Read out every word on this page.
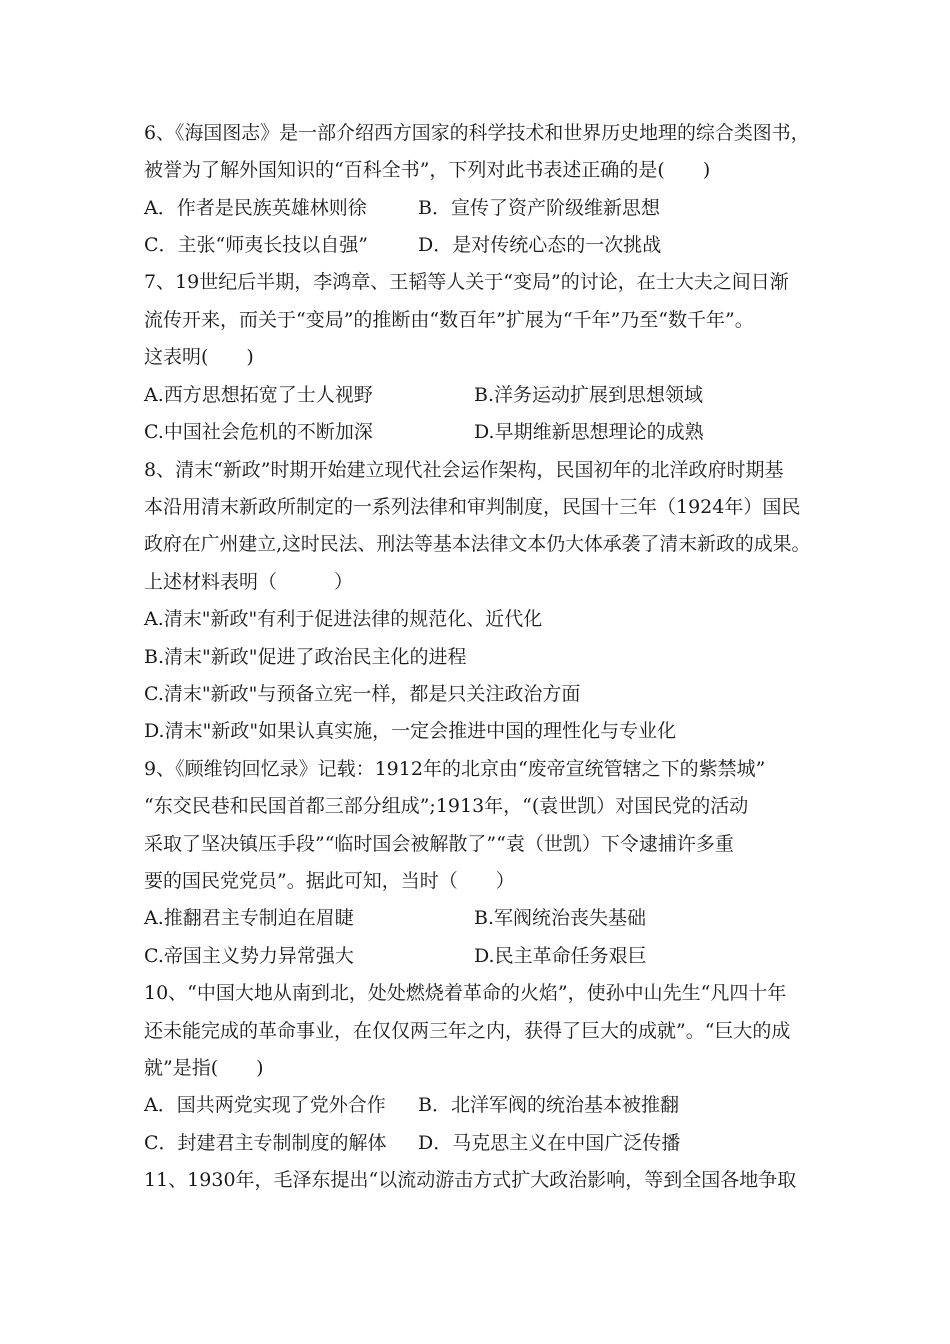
6、《海国图志》是一部介绍西方国家的科学技术和世界历史地理的综合类图书，
被誉为了解外国知识的“百科全书”，下列对此书表述正确的是(　　)
A．作者是民族英雄林则徐	B．宣传了资产阶级维新思想
C．主张“师夷长技以自强”	D．是对传统心态的一次挑战
7、19世纪后半期，李鸿章、王韬等人关于“变局”的讨论，在士大夫之间日渐
流传开来，而关于“变局”的推断由“数百年”扩展为“千年”乃至“数千年”。
这表明(　　)
A.西方思想拓宽了士人视野	B.洋务运动扩展到思想领域
C.中国社会危机的不断加深	D.早期维新思想理论的成熟
8、清末“新政”时期开始建立现代社会运作架构，民国初年的北洋政府时期基
本沿用清末新政所制定的一系列法律和审判制度，民国十三年（1924年）国民
政府在广州建立,这时民法、刑法等基本法律文本仍大体承袭了清末新政的成果。
上述材料表明（　　　）
A.清末"新政"有利于促进法律的规范化、近代化
B.清末"新政"促进了政治民主化的进程
C.清末"新政"与预备立宪一样，都是只关注政治方面
D.清末"新政"如果认真实施，一定会推进中国的理性化与专业化
9、《顾维钧回忆录》记载：1912年的北京由“废帝宣统管辖之下的紫禁城”
“东交民巷和民国首都三部分组成”;1913年，“(袁世凯）对国民党的活动
采取了坚决镇压手段”“临时国会被解散了”“袁（世凯）下令逮捕许多重
要的国民党党员”。据此可知，当时（　　）
A.推翻君主专制迫在眉睫	B.军阀统治丧失基础
C.帝国主义势力异常强大	D.民主革命任务艰巨
10、“中国大地从南到北，处处燃烧着革命的火焰”，使孙中山先生“凡四十年
还未能完成的革命事业，在仅仅两三年之内，获得了巨大的成就”。“巨大的成
就”是指(　　)
A．国共两党实现了党外合作 B．北洋军阀的统治基本被推翻
C．封建君主专制制度的解体 D．马克思主义在中国广泛传播
11、1930年，毛泽东提出“以流动游击方式扩大政治影响，等到全国各地争取
